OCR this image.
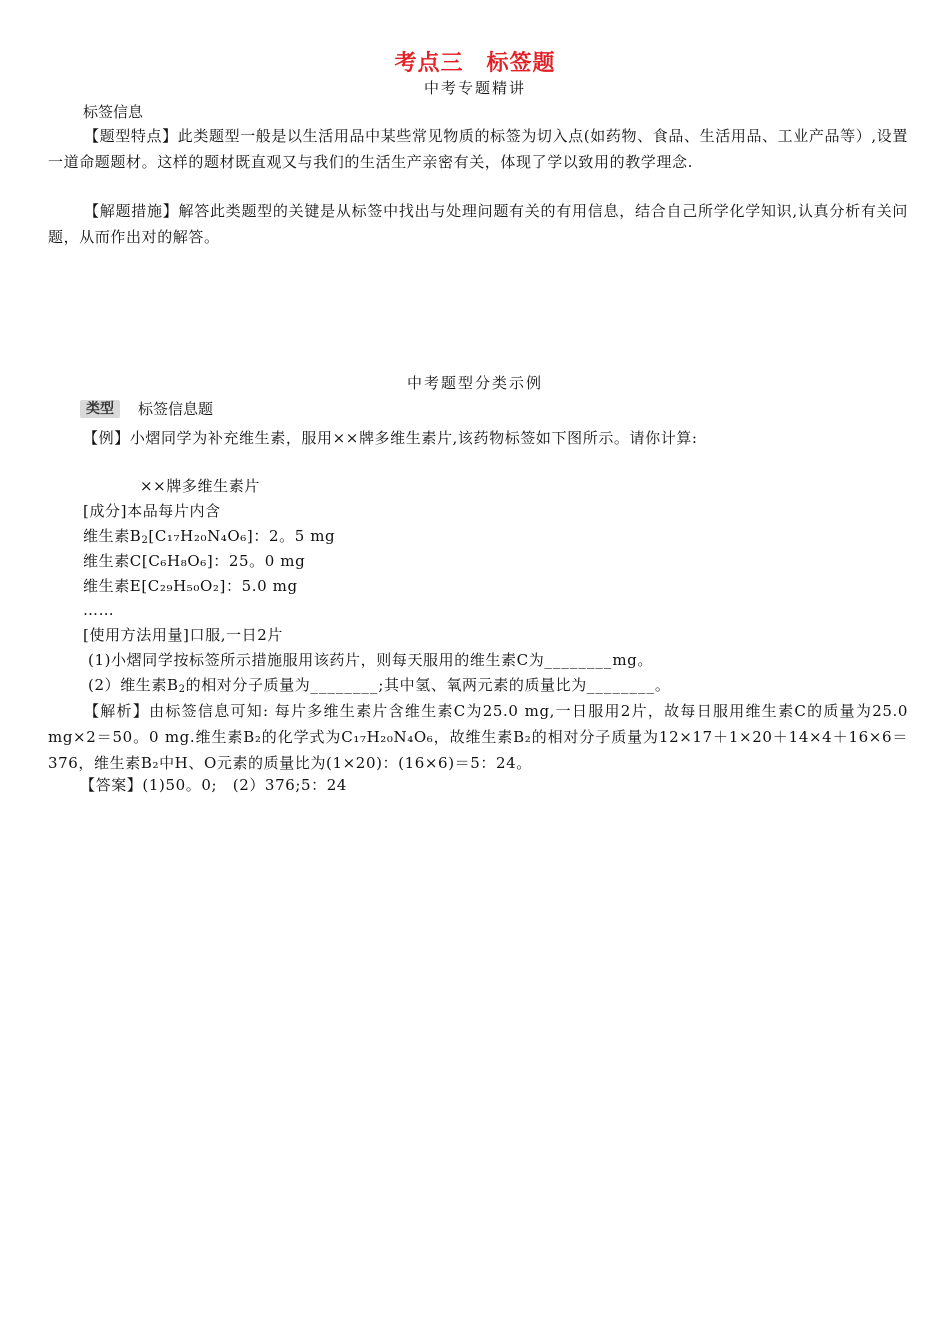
考点三　标签题
中考专题精讲
标签信息
【题型特点】此类题型一般是以生活用品中某些常见物质的标签为切入点(如药物、食品、生活用品、工业产品等）,设置一道命题题材。这样的题材既直观又与我们的生活生产亲密有关，体现了学以致用的教学理念.
【解题措施】解答此类题型的关键是从标签中找出与处理问题有关的有用信息，结合自己所学化学知识,认真分析有关问题，从而作出对的解答。
中考题型分类示例
类型	标签信息题
【例】小熠同学为补充维生素，服用××牌多维生素片,该药物标签如下图所示。请你计算:
××牌多维生素片
[成分]本品每片内含
维生素$B_2[C_{17}H_{20}N_4O_6]$：2。5 mg
维生素C[C₆H₈O₆]：25。0 mg
维生素E[C₂₉H₅₀O₂]：5.0 mg
……
[使用方法用量]口服,一日2片
(1)小熠同学按标签所示措施服用该药片，则每天服用的维生素C为________mg。
(2）维生素$B_2$的相对分子质量为________;其中氢、氧两元素的质量比为________。
【解析】由标签信息可知: 每片多维生素片含维生素C为25.0 mg,一日服用2片，故每日服用维生素C的质量为25.0 mg×2＝50。0 mg.维生素B₂的化学式为C₁₇H₂₀N₄O₆，故维生素B₂的相对分子质量为12×17＋1×20＋14×4＋16×6＝376，维生素B₂中H、O元素的质量比为(1×20)：(16×6)＝5：24。
【答案】(1)50。0;　(2）376;5：24
